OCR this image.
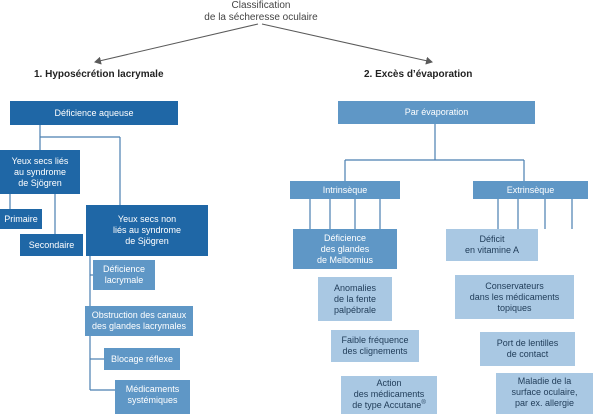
Classification
de la sécheresse oculaire
1. Hyposécrétion lacrymale	2. Excès d’évaporation
Déficience aqueuse
Yeux secs liés
au syndrome
de Sjögren
Primaire
Secondaire
Yeux secs non
liés au syndrome
de Sjögren
Déficience
lacrymale
Obstruction des canaux
des glandes lacrymales
Blocage réflexe
Médicaments
systémiques
Par évaporation
Intrinsèque	Extrinsèque
Déficience
des glandes
de Melbomius
Anomalies
de la fente
palpébrale
Faible fréquence
des clignements
Action
des médicaments
de type Accutane®
Déficit
en vitamine A
Conservateurs
dans les médicaments
topiques
Port de lentilles
de contact
Maladie de la
surface oculaire,
par ex. allergie
